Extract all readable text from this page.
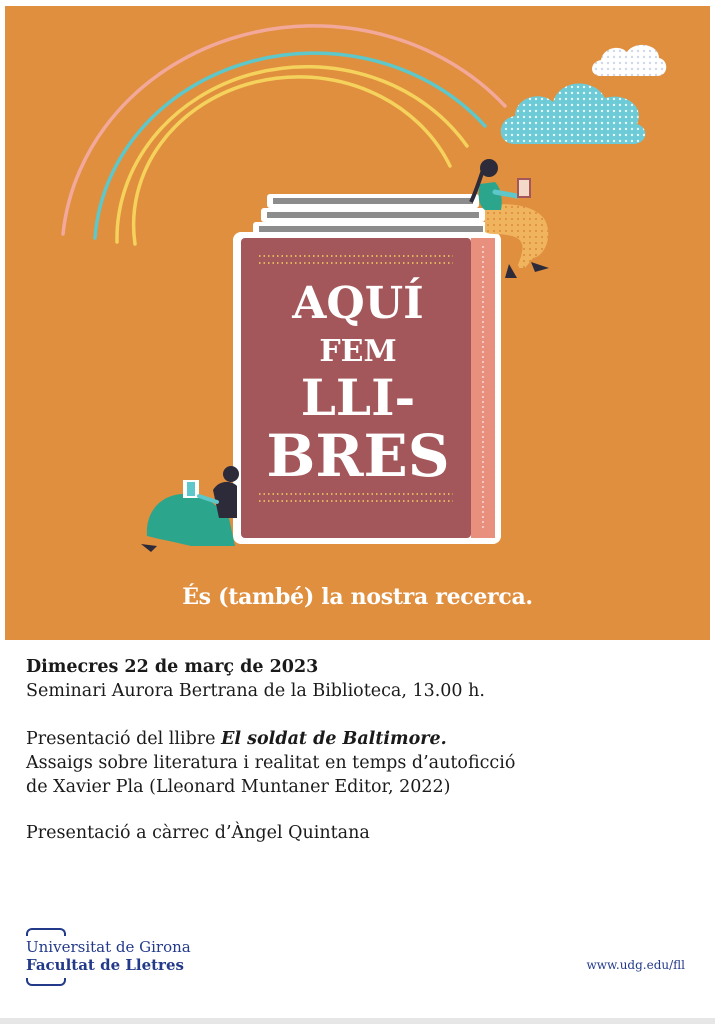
AQUÍ
FEM
LLI-
BRES
És (també) la nostra recerca.

Dimecres 22 de març de 2023

Seminari Aurora Bertrana de la Biblioteca, 13.00 h.

Presentació del llibre El soldat de Baltimore.

Assaigs sobre literatura i realitat en temps d’autoficció

de Xavier Pla (Lleonard Muntaner Editor, 2022)

Presentació a càrrec d’Àngel Quintana

Universitat de Girona
Facultat de Lletres	www.udg.edu/fll
